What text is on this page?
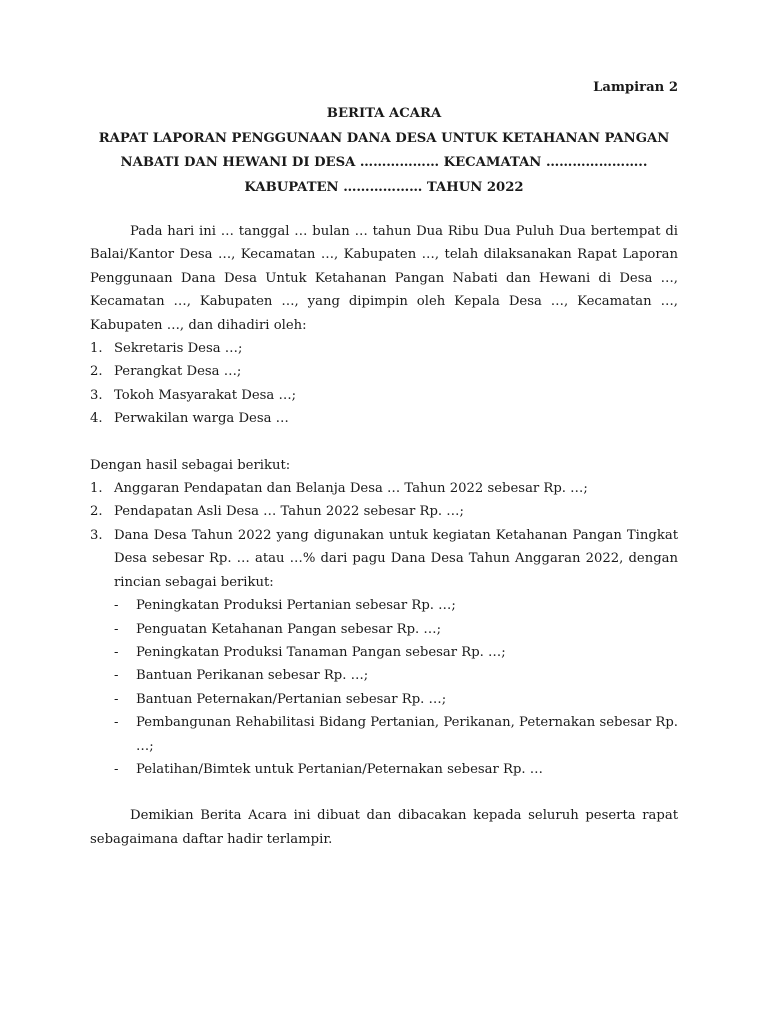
Lampiran 2
BERITA ACARA
RAPAT LAPORAN PENGGUNAAN DANA DESA UNTUK KETAHANAN PANGAN
NABATI DAN HEWANI DI DESA ……………… KECAMATAN …………………..
KABUPATEN ……………… TAHUN 2022
Pada hari ini … tanggal … bulan … tahun Dua Ribu Dua Puluh Dua bertempat di Balai/Kantor Desa …, Kecamatan …, Kabupaten …, telah dilaksanakan Rapat Laporan Penggunaan Dana Desa Untuk Ketahanan Pangan Nabati dan Hewani di Desa …, Kecamatan …, Kabupaten …, yang dipimpin oleh Kepala Desa …, Kecamatan …, Kabupaten …, dan dihadiri oleh:
1. Sekretaris Desa …;
2. Perangkat Desa …;
3. Tokoh Masyarakat Desa …;
4. Perwakilan warga Desa …
Dengan hasil sebagai berikut:
1. Anggaran Pendapatan dan Belanja Desa … Tahun 2022 sebesar Rp. …;
2. Pendapatan Asli Desa … Tahun 2022 sebesar Rp. …;
3. Dana Desa Tahun 2022 yang digunakan untuk kegiatan Ketahanan Pangan Tingkat Desa sebesar Rp. … atau …% dari pagu Dana Desa Tahun Anggaran 2022, dengan rincian sebagai berikut:
- Peningkatan Produksi Pertanian sebesar Rp. …;
- Penguatan Ketahanan Pangan sebesar Rp. …;
- Peningkatan Produksi Tanaman Pangan sebesar Rp. …;
- Bantuan Perikanan sebesar Rp. …;
- Bantuan Peternakan/Pertanian sebesar Rp. …;
- Pembangunan Rehabilitasi Bidang Pertanian, Perikanan, Peternakan sebesar Rp. …;
- Pelatihan/Bimtek untuk Pertanian/Peternakan sebesar Rp. …
Demikian Berita Acara ini dibuat dan dibacakan kepada seluruh peserta rapat sebagaimana daftar hadir terlampir.
